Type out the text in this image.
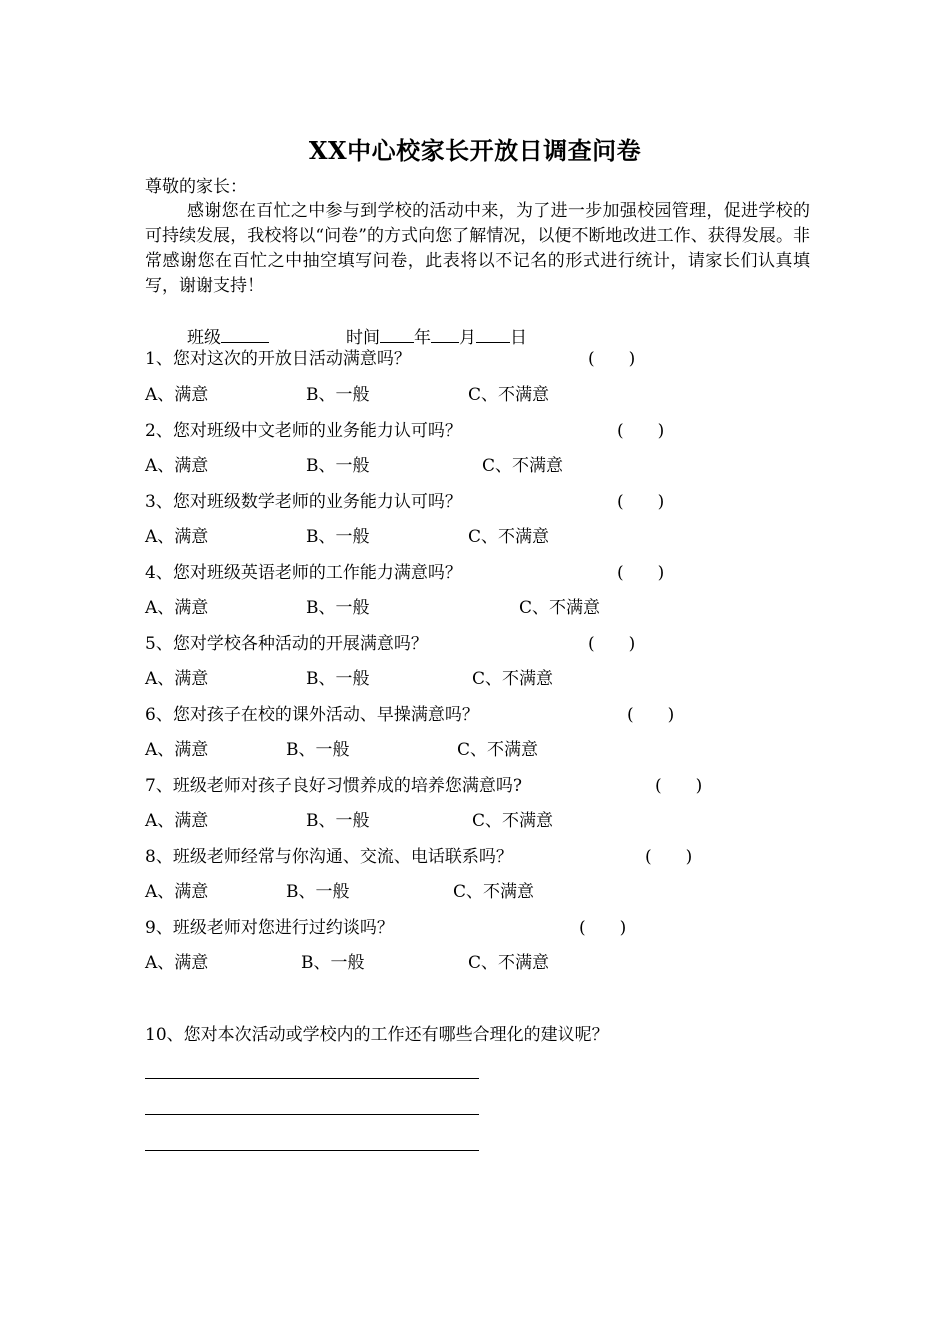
XX中心校家长开放日调查问卷
尊敬的家长：
感谢您在百忙之中参与到学校的活动中来，为了进一步加强校园管理，促进学校的可持续发展，我校将以“问卷”的方式向您了解情况，以便不断地改进工作、获得发展。非常感谢您在百忙之中抽空填写问卷，此表将以不记名的形式进行统计，请家长们认真填写，谢谢支持！
班级	时间 年 月 日
1、您对这次的开放日活动满意吗？	(　　)
A、满意	B、一般	C、不满意
2、您对班级中文老师的业务能力认可吗？	(　　)
A、满意	B、一般	C、不满意
3、您对班级数学老师的业务能力认可吗？	(　　)
A、满意	B、一般	C、不满意
4、您对班级英语老师的工作能力满意吗？	(　　)
A、满意	B、一般	C、不满意
5、您对学校各种活动的开展满意吗？	(　　)
A、满意	B、一般	C、不满意
6、您对孩子在校的课外活动、早操满意吗？	(　　)
A、满意	B、一般	C、不满意
7、班级老师对孩子良好习惯养成的培养您满意吗?	(　　)
A、满意	B、一般	C、不满意
8、班级老师经常与你沟通、交流、电话联系吗？	(　　)
A、满意	B、一般	C、不满意
9、班级老师对您进行过约谈吗？	(　　)
A、满意	B、一般	C、不满意
10、您对本次活动或学校内的工作还有哪些合理化的建议呢？
